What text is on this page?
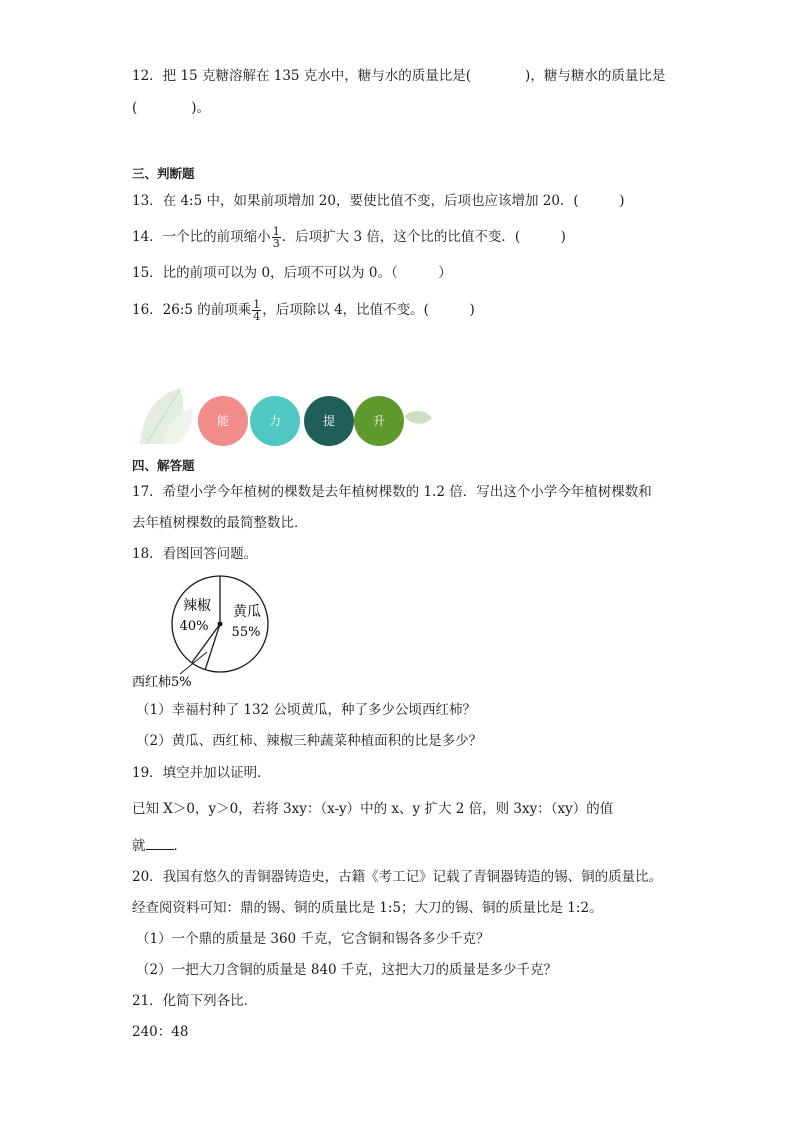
12．把 15 克糖溶解在 135 克水中，糖与水的质量比是(　　　　)，糖与糖水的质量比是
(　　　　)。
三、判断题
13．在 4:5 中，如果前项增加 20，要使比值不变，后项也应该增加 20．(　　　)
14．一个比的前项缩小 $\frac{1}{3}$ ．后项扩大 3 倍，这个比的比值不变．(　　　)
15．比的前项可以为 0，后项不可以为 0。（　　　）
16．26:5 的前项乘 $\frac{1}{4}$ ，后项除以 4，比值不变。(　　　)
能	力	提	升
四、解答题
17．希望小学今年植树的棵数是去年植树棵数的 1.2 倍．写出这个小学今年植树棵数和
去年植树棵数的最简整数比．
18．看图回答问题。
辣椒
40%
黄瓜
55%
西红柿5%
（1）幸福村种了 132 公顷黄瓜，种了多少公顷西红柿？
（2）黄瓜、西红柿、辣椒三种蔬菜种植面积的比是多少？
19．填空并加以证明．
已知 X＞0，y＞0，若将 3xy：（x-y）中的 x、y 扩大 2 倍，则 3xy：（xy）的值
就 ．
20．我国有悠久的青铜器铸造史，古籍《考工记》记载了青铜器铸造的锡、铜的质量比。
经查阅资料可知：鼎的锡、铜的质量比是 1:5；大刀的锡、铜的质量比是 1:2。
（1）一个鼎的质量是 360 千克，它含铜和锡各多少千克？
（2）一把大刀含铜的质量是 840 千克，这把大刀的质量是多少千克？
21．化简下列各比．
240：48
